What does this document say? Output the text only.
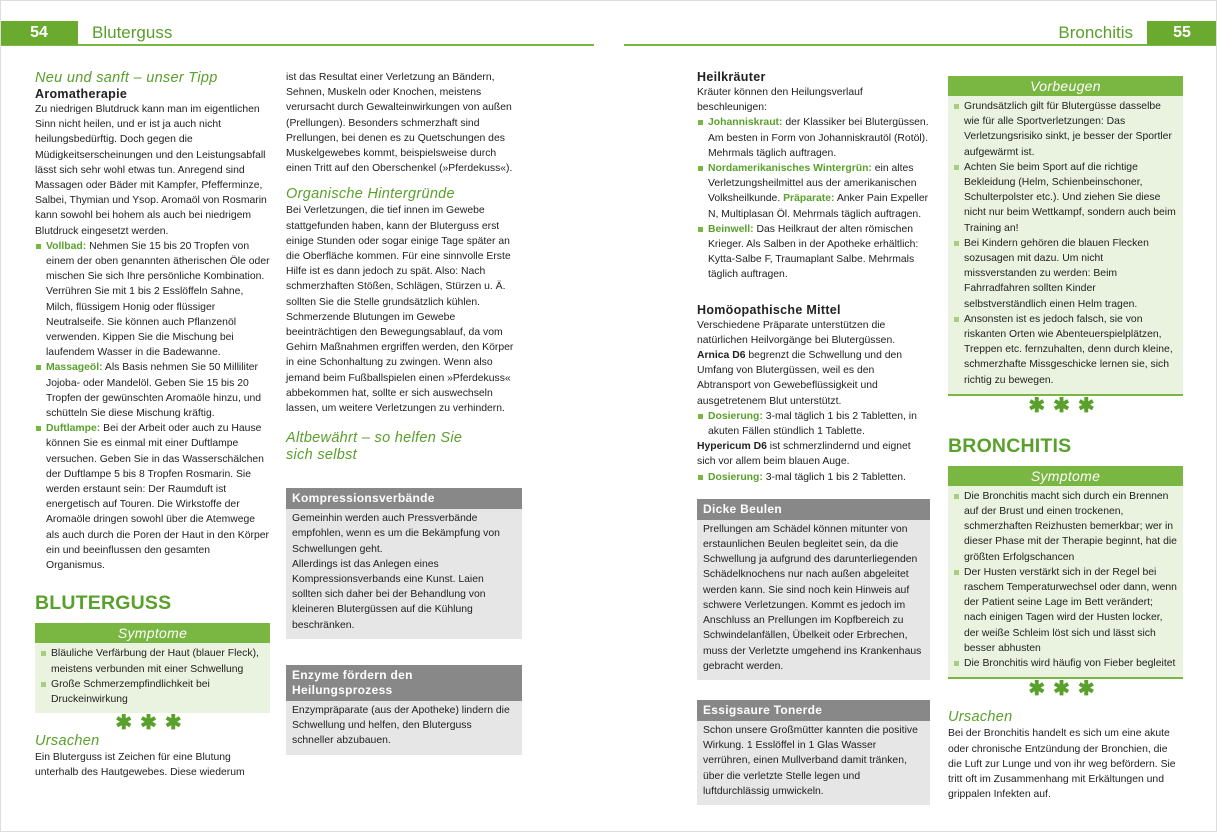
54	Bluterguss	Bronchitis	55

Neu und sanft – unser Tipp

Aromatherapie

Zu niedrigen Blutdruck kann man im eigentlichen Sinn nicht heilen, und er ist ja auch nicht heilungsbedürftig. Doch gegen die Müdigkeitserscheinungen und den Leistungsabfall lässt sich sehr wohl etwas tun. Anregend sind Massagen oder Bäder mit Kampfer, Pfefferminze, Salbei, Thymian und Ysop. Aromaöl von Rosmarin kann sowohl bei hohem als auch bei niedrigem Blutdruck eingesetzt werden.

Vollbad: Nehmen Sie 15 bis 20 Tropfen von einem der oben genannten ätherischen Öle oder mischen Sie sich Ihre persönliche Kombination. Verrühren Sie mit 1 bis 2 Esslöffeln Sahne, Milch, flüssigem Honig oder flüssiger Neutralseife. Sie können auch Pflanzenöl verwenden. Kippen Sie die Mischung bei laufendem Wasser in die Badewanne.
Massageöl: Als Basis nehmen Sie 50 Milliliter Jojoba- oder Mandelöl. Geben Sie 15 bis 20 Tropfen der gewünschten Aromaöle hinzu, und schütteln Sie diese Mischung kräftig.
Duftlampe: Bei der Arbeit oder auch zu Hause können Sie es einmal mit einer Duftlampe versuchen. Geben Sie in das Wasserschälchen der Duftlampe 5 bis 8 Tropfen Rosmarin. Sie werden erstaunt sein: Der Raumduft ist energetisch auf Touren. Die Wirkstoffe der Aromaöle dringen sowohl über die Atemwege als auch durch die Poren der Haut in den Körper ein und beeinflussen den gesamten Organismus.

BLUTERGUSS

Symptome
Bläuliche Verfärbung der Haut (blauer Fleck), meistens verbunden mit einer Schwellung
Große Schmerzempfindlichkeit bei Druckeinwirkung
✱✱✱

Ursachen

Ein Bluterguss ist Zeichen für eine Blutung unterhalb des Hautgewebes. Diese wiederum

ist das Resultat einer Verletzung an Bändern, Sehnen, Muskeln oder Knochen, meistens verursacht durch Gewalteinwirkungen von außen (Prellungen). Besonders schmerzhaft sind Prellungen, bei denen es zu Quetschungen des Muskelgewebes kommt, beispielsweise durch einen Tritt auf den Oberschenkel (»Pferdekuss«).

Organische Hintergründe

Bei Verletzungen, die tief innen im Gewebe stattgefunden haben, kann der Bluterguss erst einige Stunden oder sogar einige Tage später an die Oberfläche kommen. Für eine sinnvolle Erste Hilfe ist es dann jedoch zu spät. Also: Nach schmerzhaften Stößen, Schlägen, Stürzen u. Ä. sollten Sie die Stelle grundsätzlich kühlen.

Schmerzende Blutungen im Gewebe beeinträchtigen den Bewegungsablauf, da vom Gehirn Maßnahmen ergriffen werden, den Körper in eine Schonhaltung zu zwingen. Wenn also jemand beim Fußballspielen einen »Pferdekuss« abbekommen hat, sollte er sich auswechseln lassen, um weitere Verletzungen zu verhindern.

Altbewährt – so helfen Sie sich selbst

Kompressionsverbände

Gemeinhin werden auch Pressverbände empfohlen, wenn es um die Bekämpfung von Schwellungen geht.

Allerdings ist das Anlegen eines Kompressionsverbands eine Kunst. Laien sollten sich daher bei der Behandlung von kleineren Blutergüssen auf die Kühlung beschränken.

Enzyme fördern den Heilungsprozess

Enzympräparate (aus der Apotheke) lindern die Schwellung und helfen, den Bluterguss schneller abzubauen.

Heilkräuter

Kräuter können den Heilungsverlauf beschleunigen:

Johanniskraut: der Klassiker bei Blutergüssen. Am besten in Form von Johanniskrautöl (Rotöl). Mehrmals täglich auftragen.
Nordamerikanisches Wintergrün: ein altes Verletzungsheilmittel aus der amerikanischen Volksheilkunde. Präparate: Anker Pain Expeller N, Multiplasan Öl. Mehrmals täglich auftragen.
Beinwell: Das Heilkraut der alten römischen Krieger. Als Salben in der Apotheke erhältlich: Kytta-Salbe F, Traumaplant Salbe. Mehrmals täglich auftragen.

Homöopathische Mittel

Verschiedene Präparate unterstützen die natürlichen Heilvorgänge bei Blutergüssen.

Arnica D6 begrenzt die Schwellung und den Umfang von Blutergüssen, weil es den Abtransport von Gewebeflüssigkeit und ausgetretenem Blut unterstützt.

Dosierung: 3-mal täglich 1 bis 2 Tabletten, in akuten Fällen stündlich 1 Tablette.

Hypericum D6 ist schmerzlindernd und eignet sich vor allem beim blauen Auge.

Dosierung: 3-mal täglich 1 bis 2 Tabletten.
Dicke Beulen

Prellungen am Schädel können mitunter von erstaunlichen Beulen begleitet sein, da die Schwellung ja aufgrund des darunterliegenden Schädelknochens nur nach außen abgeleitet werden kann. Sie sind noch kein Hinweis auf schwere Verletzungen. Kommt es jedoch im Anschluss an Prellungen im Kopfbereich zu Schwindelanfällen, Übelkeit oder Erbrechen, muss der Verletzte umgehend ins Krankenhaus gebracht werden.

Essigsaure Tonerde

Schon unsere Großmütter kannten die positive Wirkung. 1 Esslöffel in 1 Glas Wasser verrühren, einen Mullverband damit tränken, über die verletzte Stelle legen und luftdurchlässig umwickeln.

Vorbeugen
Grundsätzlich gilt für Blutergüsse dasselbe wie für alle Sportverletzungen: Das Verletzungsrisiko sinkt, je besser der Sportler aufgewärmt ist.
Achten Sie beim Sport auf die richtige Bekleidung (Helm, Schienbeinschoner, Schulterpolster etc.). Und ziehen Sie diese nicht nur beim Wettkampf, sondern auch beim Training an!
Bei Kindern gehören die blauen Flecken sozusagen mit dazu. Um nicht missverstanden zu werden: Beim Fahrradfahren sollten Kinder selbstverständlich einen Helm tragen.
Ansonsten ist es jedoch falsch, sie von riskanten Orten wie Abenteuerspielplätzen, Treppen etc. fernzuhalten, denn durch kleine, schmerzhafte Missgeschicke lernen sie, sich richtig zu bewegen.
✱✱✱

BRONCHITIS

Symptome
Die Bronchitis macht sich durch ein Brennen auf der Brust und einen trockenen, schmerzhaften Reizhusten bemerkbar; wer in dieser Phase mit der Therapie beginnt, hat die größten Erfolgschancen
Der Husten verstärkt sich in der Regel bei raschem Temperaturwechsel oder dann, wenn der Patient seine Lage im Bett verändert; nach einigen Tagen wird der Husten locker, der weiße Schleim löst sich und lässt sich besser abhusten
Die Bronchitis wird häufig von Fieber begleitet
✱✱✱

Ursachen

Bei der Bronchitis handelt es sich um eine akute oder chronische Entzündung der Bronchien, die die Luft zur Lunge und von ihr weg befördern. Sie tritt oft im Zusammenhang mit Erkältungen und grippalen Infekten auf.
